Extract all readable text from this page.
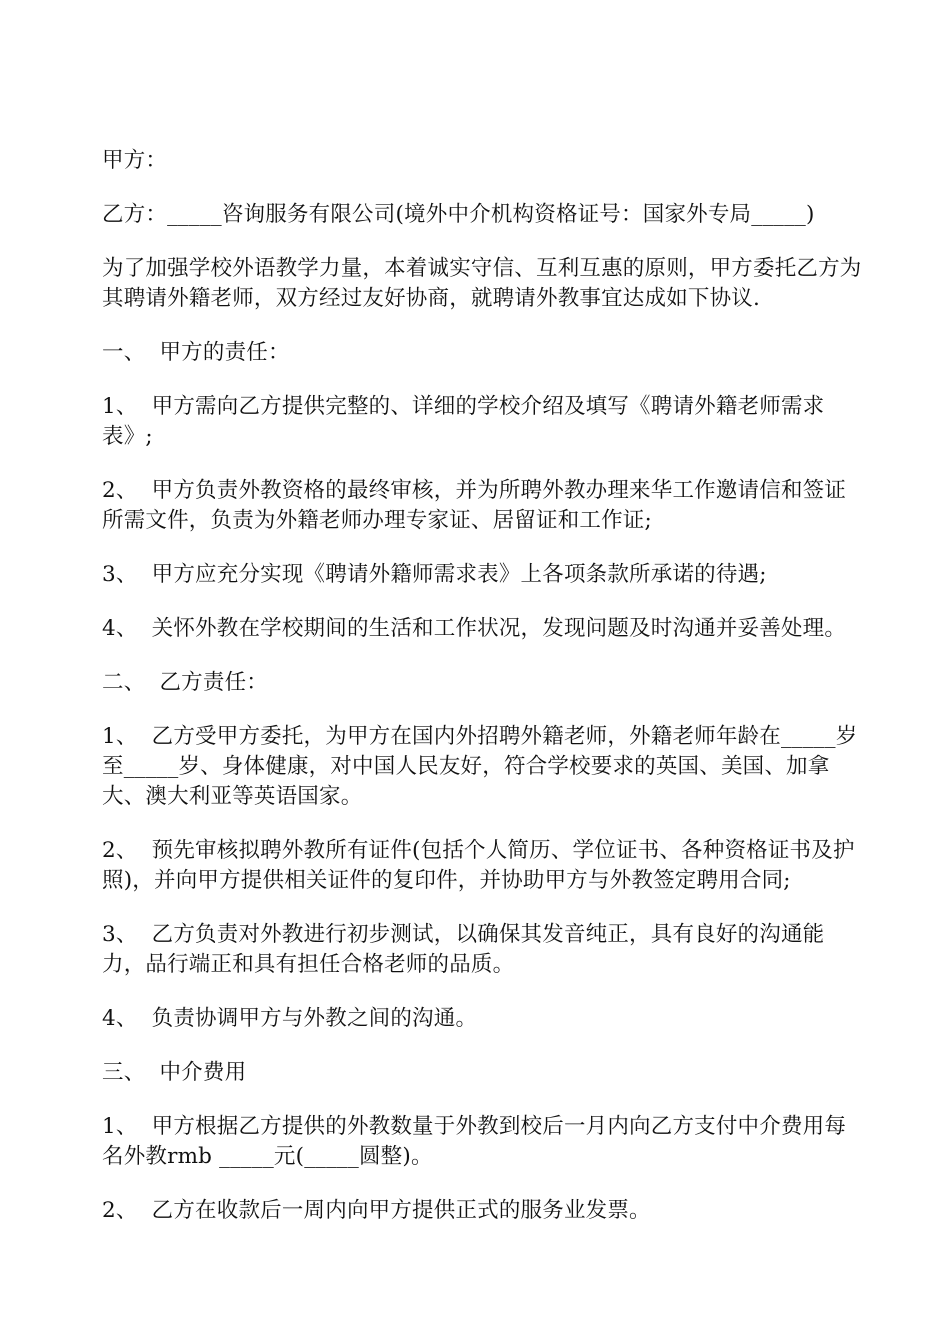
甲方：

乙方：_____咨询服务有限公司(境外中介机构资格证号：国家外专局_____)

为了加强学校外语教学力量，本着诚实守信、互利互惠的原则，甲方委托乙方为其聘请外籍老师，双方经过友好协商，就聘请外教事宜达成如下协议.

一、  甲方的责任：

1、  甲方需向乙方提供完整的、详细的学校介绍及填写《聘请外籍老师需求表》;

2、  甲方负责外教资格的最终审核，并为所聘外教办理来华工作邀请信和签证所需文件，负责为外籍老师办理专家证、居留证和工作证;

3、  甲方应充分实现《聘请外籍师需求表》上各项条款所承诺的待遇;

4、  关怀外教在学校期间的生活和工作状况，发现问题及时沟通并妥善处理。

二、  乙方责任：

1、  乙方受甲方委托，为甲方在国内外招聘外籍老师，外籍老师年龄在_____岁至_____岁、身体健康，对中国人民友好，符合学校要求的英国、美国、加拿大、澳大利亚等英语国家。

2、  预先审核拟聘外教所有证件(包括个人简历、学位证书、各种资格证书及护照)，并向甲方提供相关证件的复印件，并协助甲方与外教签定聘用合同;

3、  乙方负责对外教进行初步测试，以确保其发音纯正，具有良好的沟通能力，品行端正和具有担任合格老师的品质。

4、  负责协调甲方与外教之间的沟通。

三、  中介费用

1、  甲方根据乙方提供的外教数量于外教到校后一月内向乙方支付中介费用每名外教rmb _____元(_____圆整)。

2、  乙方在收款后一周内向甲方提供正式的服务业发票。
